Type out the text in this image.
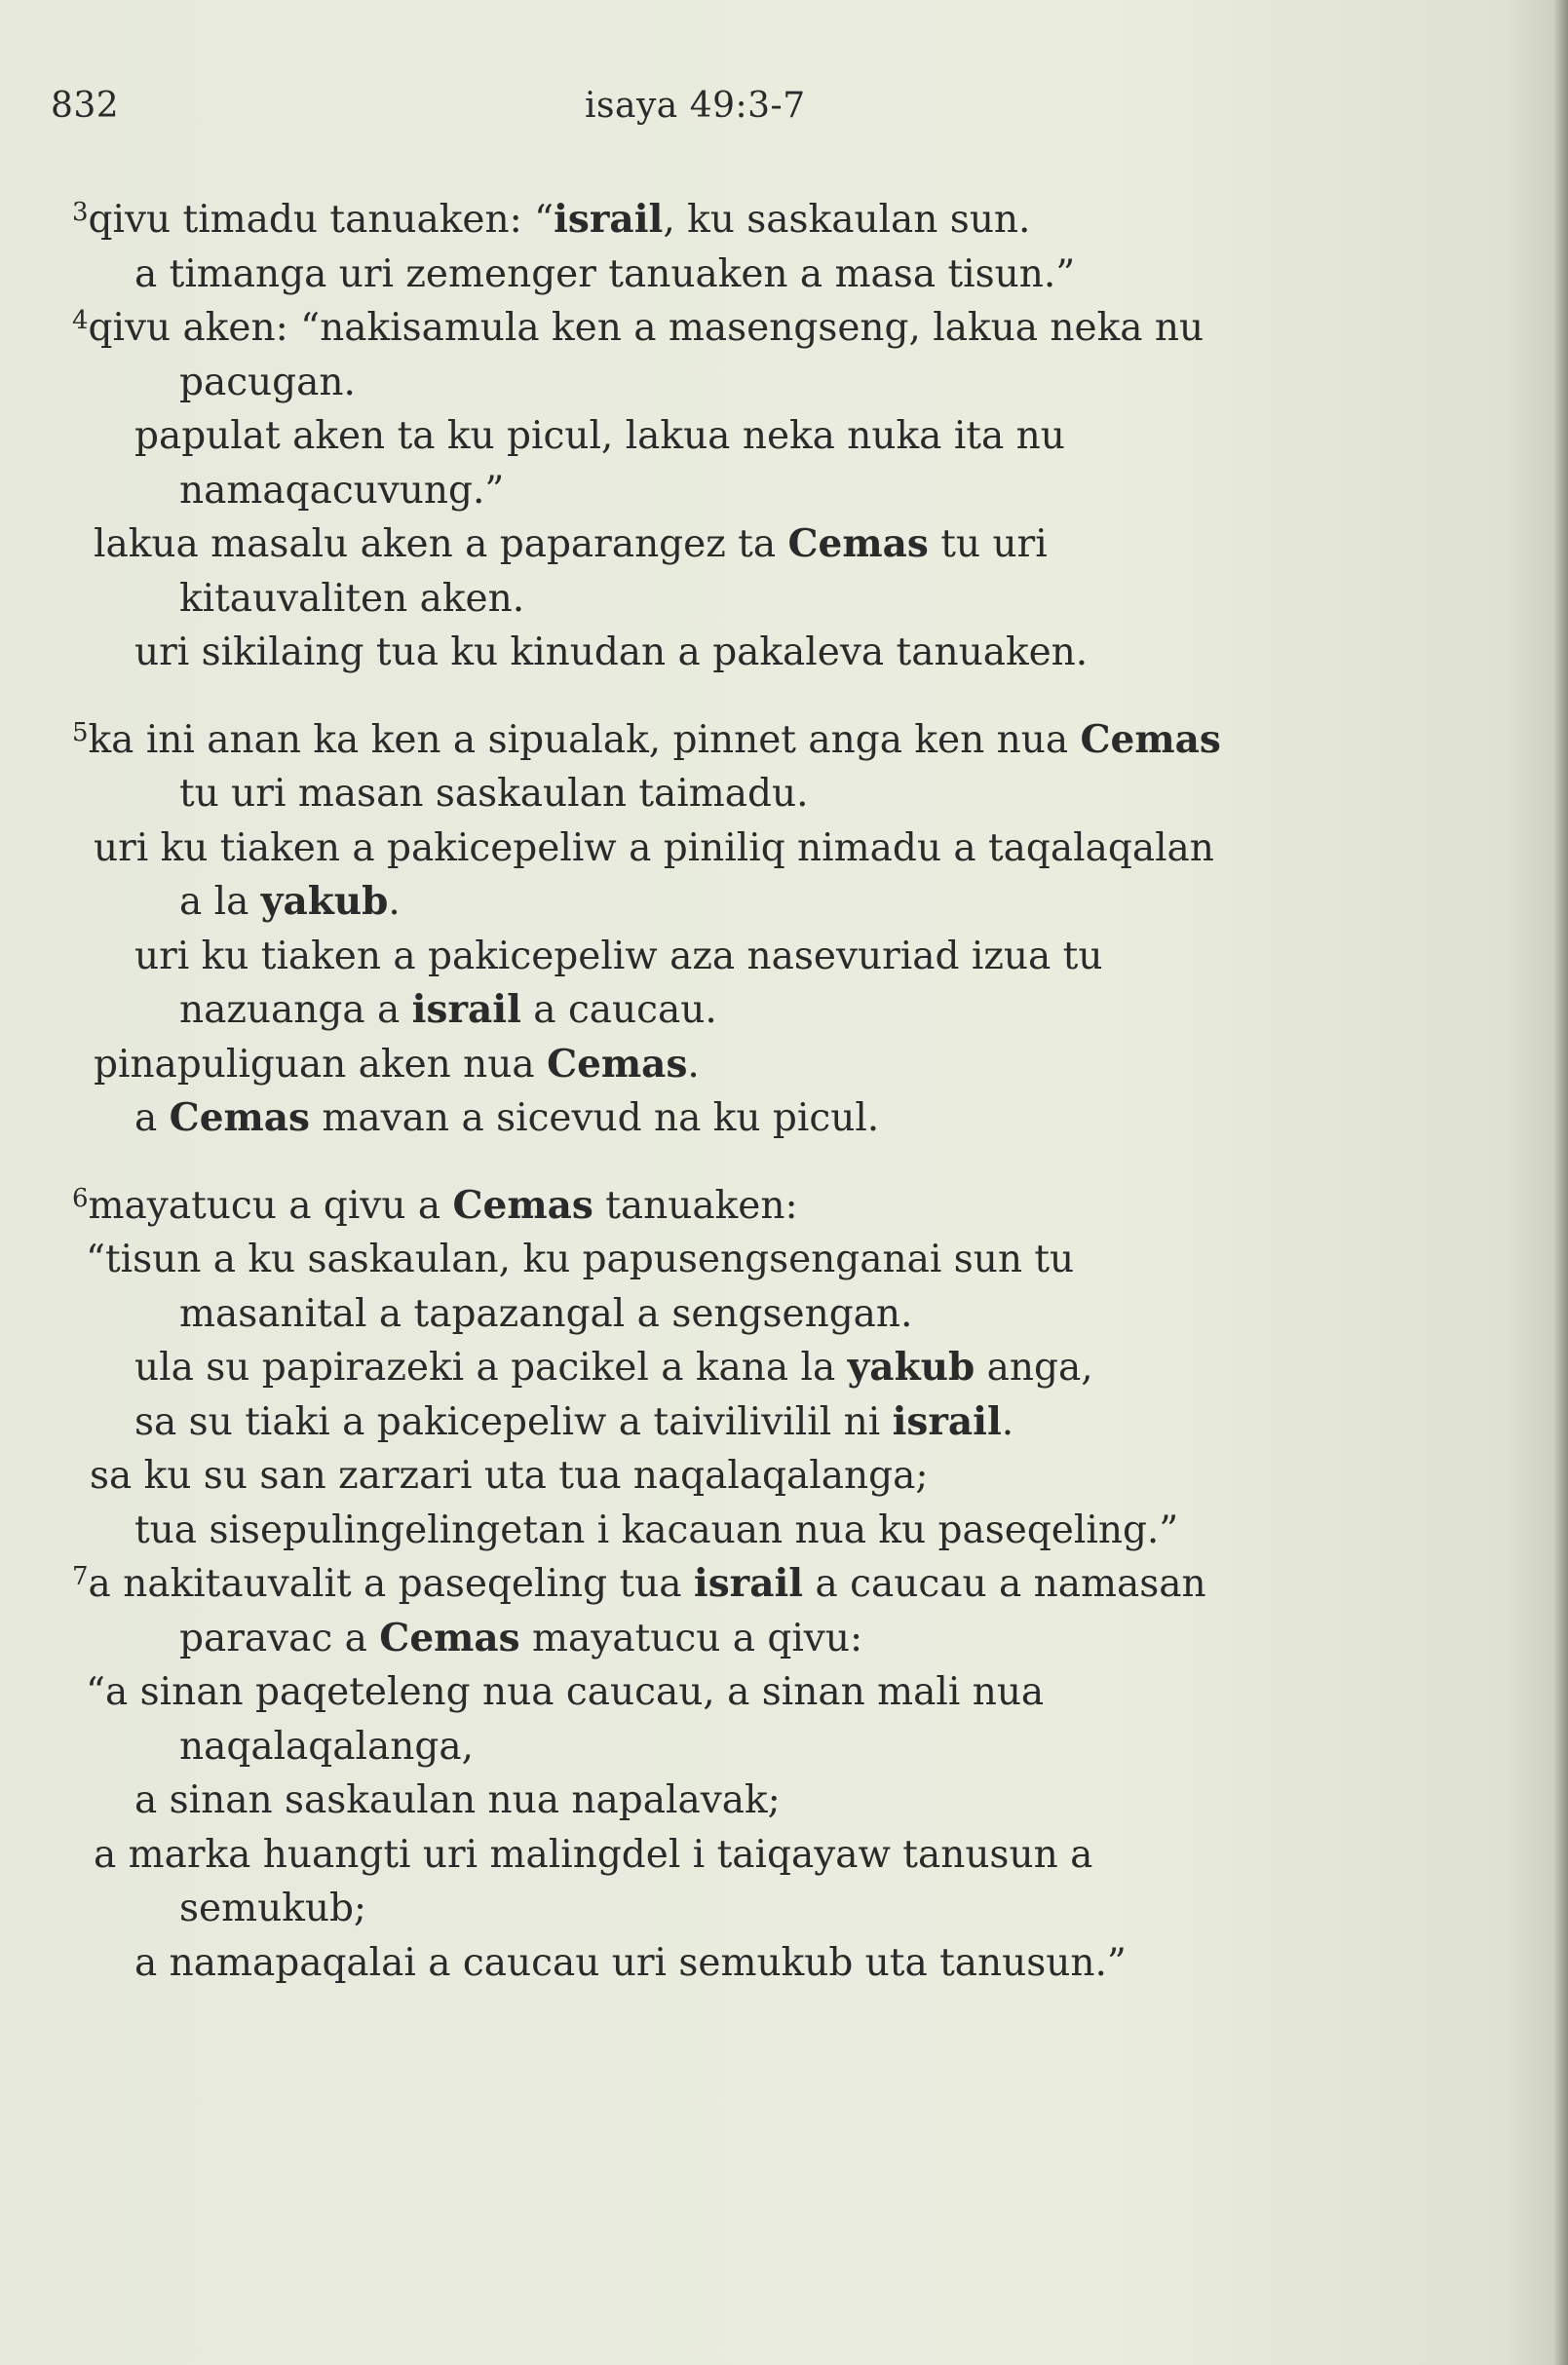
832	isaya 49:3-7
$^3$qivu timadu tanuaken: “israil, ku saskaulan sun.
a timanga uri zemenger tanuaken a masa tisun.”
$^4$qivu aken: “nakisamula ken a masengseng, lakua neka nu
pacugan.
papulat aken ta ku picul, lakua neka nuka ita nu
namaqacuvung.”
lakua masalu aken a paparangez ta Cemas tu uri
kitauvaliten aken.
uri sikilaing tua ku kinudan a pakaleva tanuaken.
$^5$ka ini anan ka ken a sipualak, pinnet anga ken nua Cemas
tu uri masan saskaulan taimadu.
uri ku tiaken a pakicepeliw a piniliq nimadu a taqalaqalan
a la yakub.
uri ku tiaken a pakicepeliw aza nasevuriad izua tu
nazuanga a israil a caucau.
pinapuliguan aken nua Cemas.
a Cemas mavan a sicevud na ku picul.
$^6$mayatucu a qivu a Cemas tanuaken:
“tisun a ku saskaulan, ku papusengsenganai sun tu
masanital a tapazangal a sengsengan.
ula su papirazeki a pacikel a kana la yakub anga,
sa su tiaki a pakicepeliw a taivilivilil ni israil.
sa ku su san zarzari uta tua naqalaqalanga;
tua sisepulingelingetan i kacauan nua ku paseqeling.”
$^7$a nakitauvalit a paseqeling tua israil a caucau a namasan
paravac a Cemas mayatucu a qivu:
“a sinan paqeteleng nua caucau, a sinan mali nua
naqalaqalanga,
a sinan saskaulan nua napalavak;
a marka huangti uri malingdel i taiqayaw tanusun a
semukub;
a namapaqalai a caucau uri semukub uta tanusun.”
